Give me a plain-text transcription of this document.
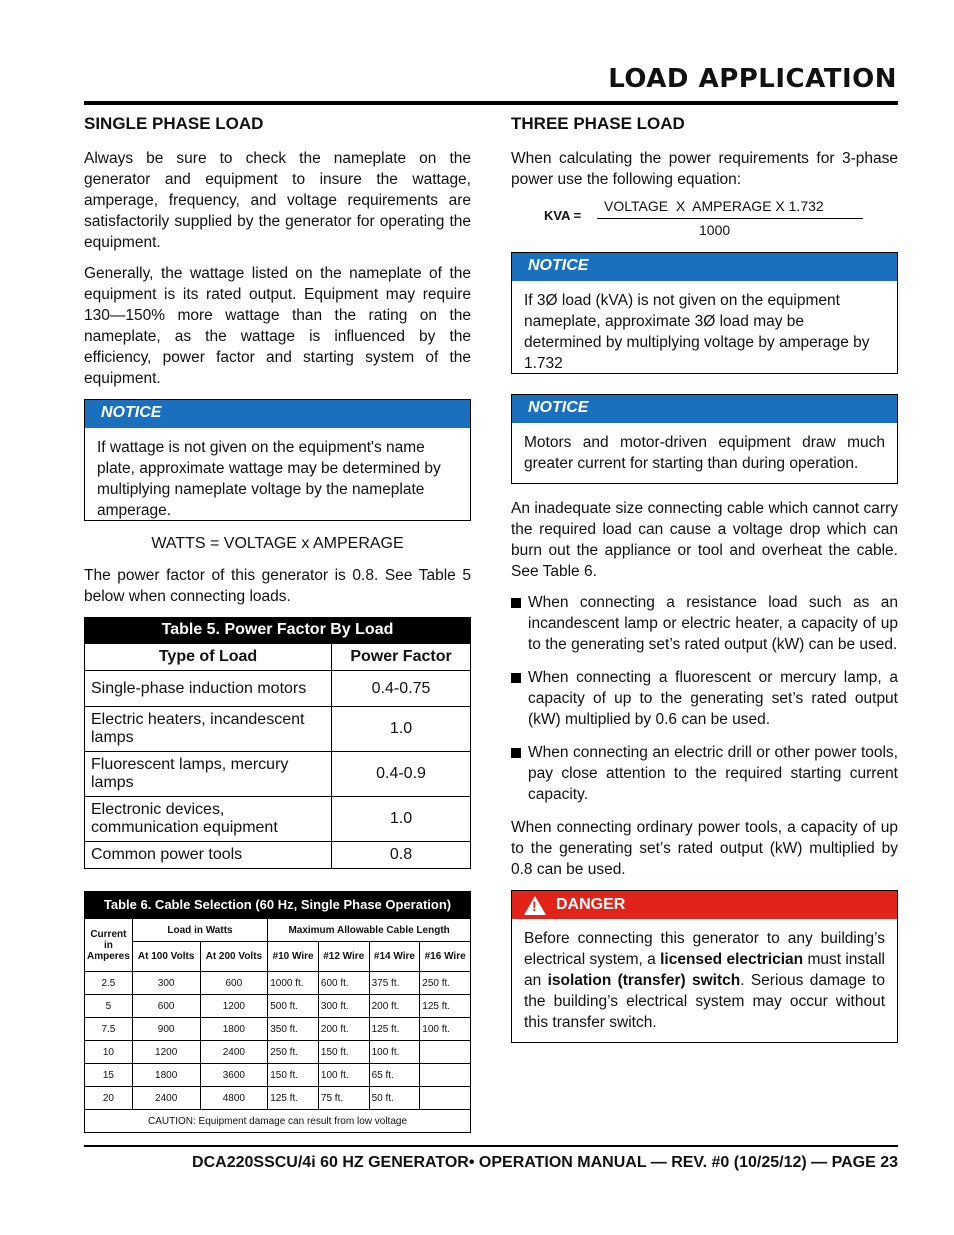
LOAD APPLICATION
SINGLE PHASE LOAD

Always be sure to check the nameplate on the generator and equipment to insure the wattage, amperage, frequency, and voltage requirements are satisfactorily supplied by the generator for operating the equipment.

Generally, the wattage listed on the nameplate of the equipment is its rated output. Equipment may require 130—150% more wattage than the rating on the nameplate, as the wattage is influenced by the efficiency, power factor and starting system of the equipment.

NOTICE
If wattage is not given on the equipment's name plate, approximate wattage may be determined by multiplying nameplate voltage by the nameplate amperage.
WATTS = VOLTAGE x AMPERAGE

The power factor of this generator is 0.8. See Table 5 below when connecting loads.

Table 5. Power Factor By Load
Type of Load	Power Factor
Single-phase induction motors	0.4-0.75
Electric heaters, incandescent lamps	1.0
Fluorescent lamps, mercury lamps	0.4-0.9
Electronic devices, communication equipment	1.0
Common power tools	0.8
Table 6. Cable Selection (60 Hz, Single Phase Operation)
Current in Amperes	Load in Watts		Maximum Allowable Cable Length			
	At 100 Volts	At 200 Volts	#10 Wire	#12 Wire	#14 Wire	#16 Wire
2.5	300	600	1000 ft.	600 ft.	375 ft.	250 ft.
5	600	1200	500 ft.	300 ft.	200 ft.	125 ft.
7.5	900	1800	350 ft.	200 ft.	125 ft.	100 ft.
10	1200	2400	250 ft.	150 ft.	100 ft.	
15	1800	3600	150 ft.	100 ft.	65 ft.	
20	2400	4800	125 ft.	75 ft.	50 ft.	
CAUTION: Equipment damage can result from low voltage						
THREE PHASE LOAD

When calculating the power requirements for 3-phase power use the following equation:

KVA =
VOLTAGE  X  AMPERAGE X 1.732
1000
NOTICE
If 3Ø load (kVA) is not given on the equipment nameplate, approximate 3Ø load may be determined by multiplying voltage by amperage by 1.732
NOTICE
Motors and motor-driven equipment draw much greater current for starting than during operation.

An inadequate size connecting cable which cannot carry the required load can cause a voltage drop which can burn out the appliance or tool and overheat the cable. See Table 6.

When connecting a resistance load such as an incandescent lamp or electric heater, a capacity of up to the generating set’s rated output (kW) can be used.
When connecting a fluorescent or mercury lamp, a capacity of up to the generating set’s rated output (kW) multiplied by 0.6 can be used.
When connecting an electric drill or other power tools, pay close attention to the required starting current capacity.

When connecting ordinary power tools, a capacity of up to the generating set’s rated output (kW) multiplied by 0.8 can be used.

! DANGER
Before connecting this generator to any building’s electrical system, a licensed electrician must install an isolation (transfer) switch. Serious damage to the building’s electrical system may occur without this transfer switch.
DCA220SSCU/4i 60 HZ GENERATOR• OPERATION MANUAL — REV. #0 (10/25/12) — PAGE 23
